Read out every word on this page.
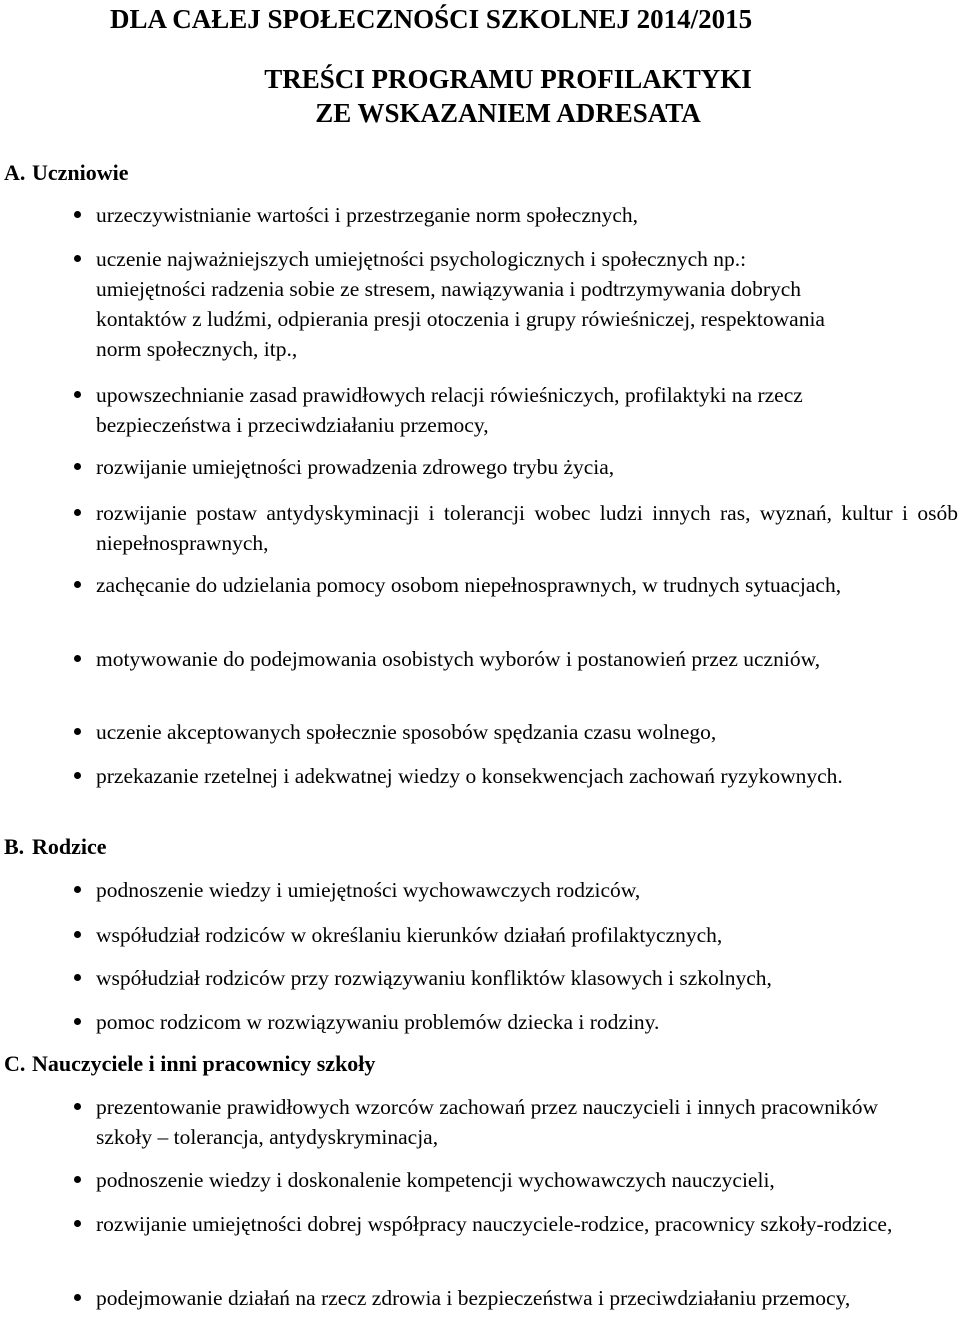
DLA CAŁEJ SPOŁECZNOŚCI SZKOLNEJ 2014/2015
TREŚCI PROGRAMU PROFILAKTYKI
ZE WSKAZANIEM ADRESATA
A. Uczniowie
urzeczywistnianie wartości i przestrzeganie norm społecznych,
uczenie najważniejszych umiejętności psychologicznych i społecznych np.: umiejętności radzenia sobie ze stresem, nawiązywania i podtrzymywania dobrych kontaktów z ludźmi, odpierania presji otoczenia i grupy rówieśniczej, respektowania norm społecznych, itp.,
upowszechnianie zasad prawidłowych relacji rówieśniczych, profilaktyki na rzecz bezpieczeństwa i przeciwdziałaniu przemocy,
rozwijanie umiejętności prowadzenia zdrowego trybu życia,
rozwijanie postaw antydyskyminacji i tolerancji wobec ludzi innych ras, wyznań, kultur i osób niepełnosprawnych,
zachęcanie do udzielania pomocy osobom niepełnosprawnych, w trudnych sytuacjach,
motywowanie do podejmowania osobistych wyborów i postanowień przez uczniów,
uczenie akceptowanych społecznie sposobów spędzania czasu wolnego,
przekazanie rzetelnej i adekwatnej wiedzy o konsekwencjach zachowań ryzykownych.
B. Rodzice
podnoszenie wiedzy i umiejętności wychowawczych rodziców,
współudział rodziców w określaniu kierunków działań profilaktycznych,
współudział rodziców przy rozwiązywaniu konfliktów klasowych i szkolnych,
pomoc rodzicom w rozwiązywaniu problemów dziecka i rodziny.
C. Nauczyciele i inni pracownicy szkoły
prezentowanie prawidłowych wzorców zachowań przez nauczycieli i innych pracowników szkoły – tolerancja, antydyskryminacja,
podnoszenie wiedzy i doskonalenie kompetencji wychowawczych nauczycieli,
rozwijanie umiejętności dobrej współpracy nauczyciele-rodzice, pracownicy szkoły-rodzice,
podejmowanie działań na rzecz zdrowia i bezpieczeństwa i przeciwdziałaniu przemocy,
